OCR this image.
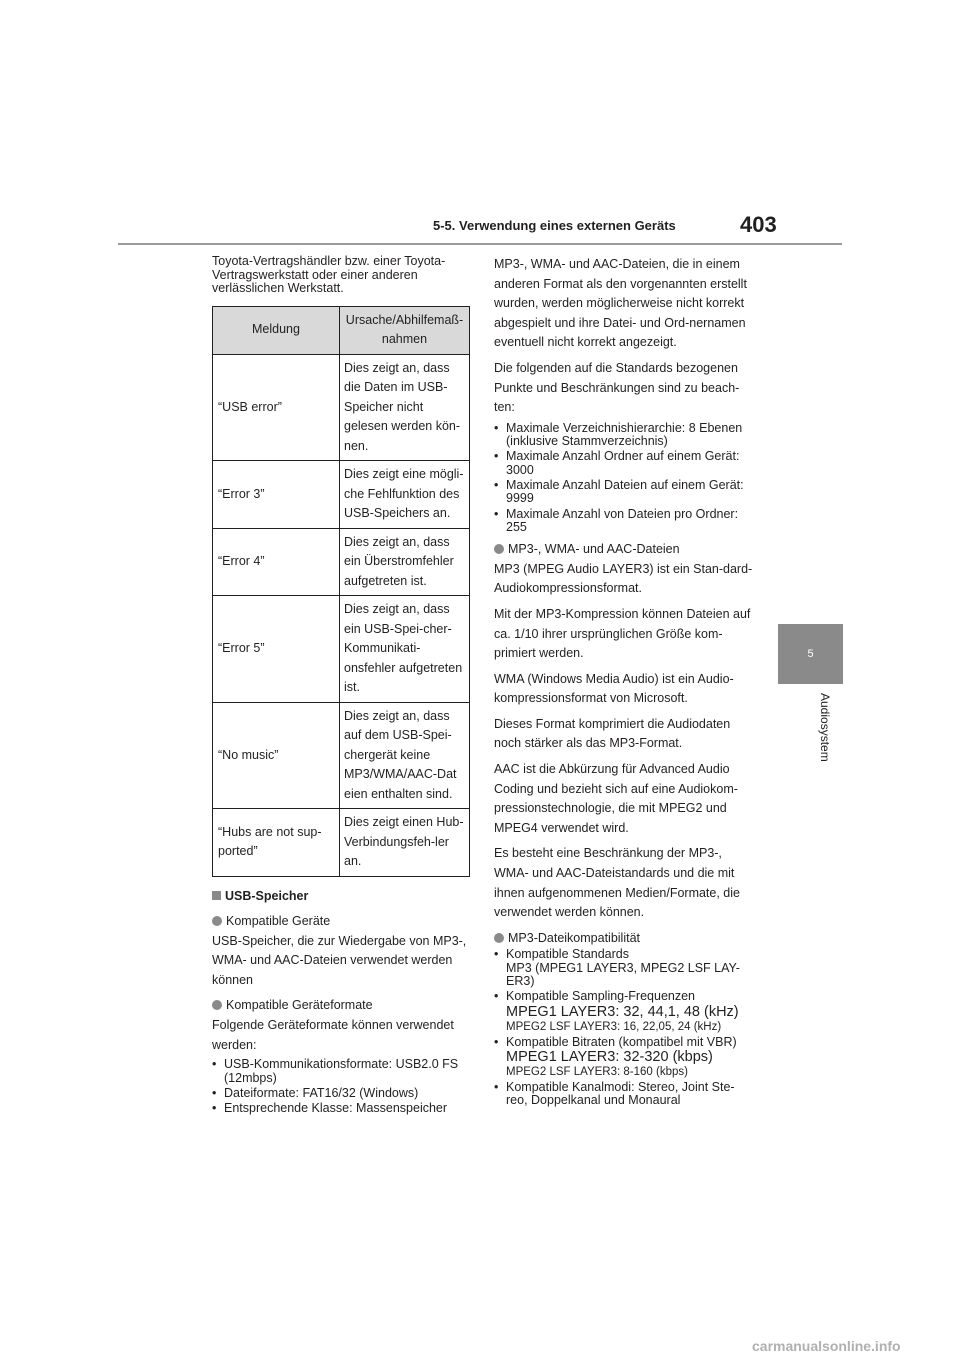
5-5. Verwendung eines externen Geräts	403
5
Audiosystem

Toyota-Vertragshändler bzw. einer Toyota-Vertragswerkstatt oder einer anderen verlässlichen Werkstatt.

Meldung	Ursache/Abhilfemaß-nahmen
“USB error”	Dies zeigt an, dass die Daten im USB-Speicher nicht gelesen werden kön-nen.
“Error 3”	Dies zeigt eine mögli-che Fehlfunktion des USB-Speichers an.
“Error 4”	Dies zeigt an, dass ein Überstromfehler aufgetreten ist.
“Error 5”	Dies zeigt an, dass ein USB-Spei-cher-Kommunikati-onsfehler aufgetreten ist.
“No music”	Dies zeigt an, dass auf dem USB-Spei-chergerät keine MP3/WMA/AAC-Dat eien enthalten sind.
“Hubs are not sup-ported”	Dies zeigt einen Hub-Verbindungsfeh-ler an.

USB-Speicher

Kompatible Geräte

USB-Speicher, die zur Wiedergabe von MP3-, WMA- und AAC-Dateien verwendet werden können

Kompatible Geräteformate

Folgende Geräteformate können verwendet werden:

• USB-Kommunikationsformate: USB2.0 FS (12mbps)
• Dateiformate: FAT16/32 (Windows)
• Entsprechende Klasse: Massenspeicher

MP3-, WMA- und AAC-Dateien, die in einem anderen Format als den vorgenannten erstellt wurden, werden möglicherweise nicht korrekt abgespielt und ihre Datei- und Ord-nernamen eventuell nicht korrekt angezeigt.

Die folgenden auf die Standards bezogenen Punkte und Beschränkungen sind zu beach-ten:

• Maximale Verzeichnishierarchie: 8 Ebenen (inklusive Stammverzeichnis)
• Maximale Anzahl Ordner auf einem Gerät: 3000
• Maximale Anzahl Dateien auf einem Gerät: 9999
• Maximale Anzahl von Dateien pro Ordner: 255

MP3-, WMA- und AAC-Dateien

MP3 (MPEG Audio LAYER3) ist ein Stan-dard-Audiokompressionsformat.

Mit der MP3-Kompression können Dateien auf ca. 1/10 ihrer ursprünglichen Größe kom-primiert werden.

WMA (Windows Media Audio) ist ein Audio-kompressionsformat von Microsoft.

Dieses Format komprimiert die Audiodaten noch stärker als das MP3-Format.

AAC ist die Abkürzung für Advanced Audio Coding und bezieht sich auf eine Audiokom-pressionstechnologie, die mit MPEG2 und MPEG4 verwendet wird.

Es besteht eine Beschränkung der MP3-, WMA- und AAC-Dateistandards und die mit ihnen aufgenommenen Medien/Formate, die verwendet werden können.

MP3-Dateikompatibilität

• Kompatible Standards
MP3 (MPEG1 LAYER3, MPEG2 LSF LAY-ER3)
• Kompatible Sampling-Frequenzen
MPEG1 LAYER3: 32, 44,1, 48 (kHz)
MPEG2 LSF LAYER3: 16, 22,05, 24 (kHz)
• Kompatible Bitraten (kompatibel mit VBR)
MPEG1 LAYER3: 32-320 (kbps)
MPEG2 LSF LAYER3: 8-160 (kbps)
• Kompatible Kanalmodi: Stereo, Joint Ste-reo, Doppelkanal und Monaural
carmanualsonline.info
